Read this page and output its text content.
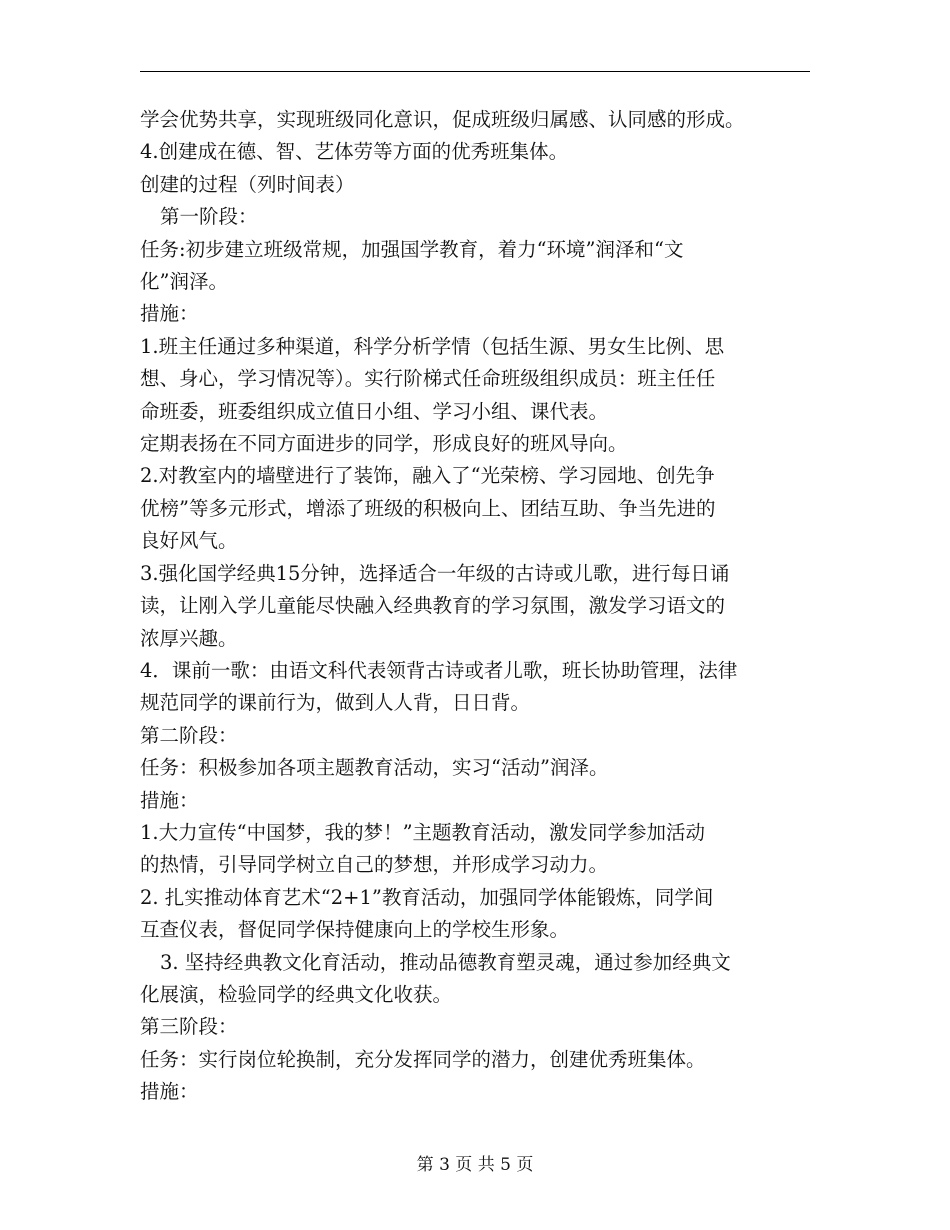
学会优势共享，实现班级同化意识，促成班级归属感、认同感的形成。

4.创建成在德、智、艺体劳等方面的优秀班集体。

创建的过程（列时间表）

第一阶段：

任务:初步建立班级常规，加强国学教育，着力“环境”润泽和“文

化”润泽。

措施：

1.班主任通过多种渠道，科学分析学情（包括生源、男女生比例、思

想、身心，学习情况等）。实行阶梯式任命班级组织成员：班主任任

命班委，班委组织成立值日小组、学习小组、课代表。

定期表扬在不同方面进步的同学，形成良好的班风导向。

2.对教室内的墙壁进行了装饰，融入了“光荣榜、学习园地、创先争

优榜”等多元形式，增添了班级的积极向上、团结互助、争当先进的

良好风气。

3.强化国学经典15分钟，选择适合一年级的古诗或儿歌，进行每日诵

读，让刚入学儿童能尽快融入经典教育的学习氛围，激发学习语文的

浓厚兴趣。

4．课前一歌：由语文科代表领背古诗或者儿歌，班长协助管理，法律

规范同学的课前行为，做到人人背，日日背。

第二阶段：

任务：积极参加各项主题教育活动，实习“活动”润泽。

措施：

1.大力宣传“中国梦，我的梦！”主题教育活动，激发同学参加活动

的热情，引导同学树立自己的梦想，并形成学习动力。

2. 扎实推动体育艺术“2+1”教育活动，加强同学体能锻炼，同学间

互查仪表，督促同学保持健康向上的学校生形象。

3. 坚持经典教文化育活动，推动品德教育塑灵魂，通过参加经典文

化展演，检验同学的经典文化收获。

第三阶段：

任务：实行岗位轮换制，充分发挥同学的潜力，创建优秀班集体。

措施：

第 3 页 共 5 页
